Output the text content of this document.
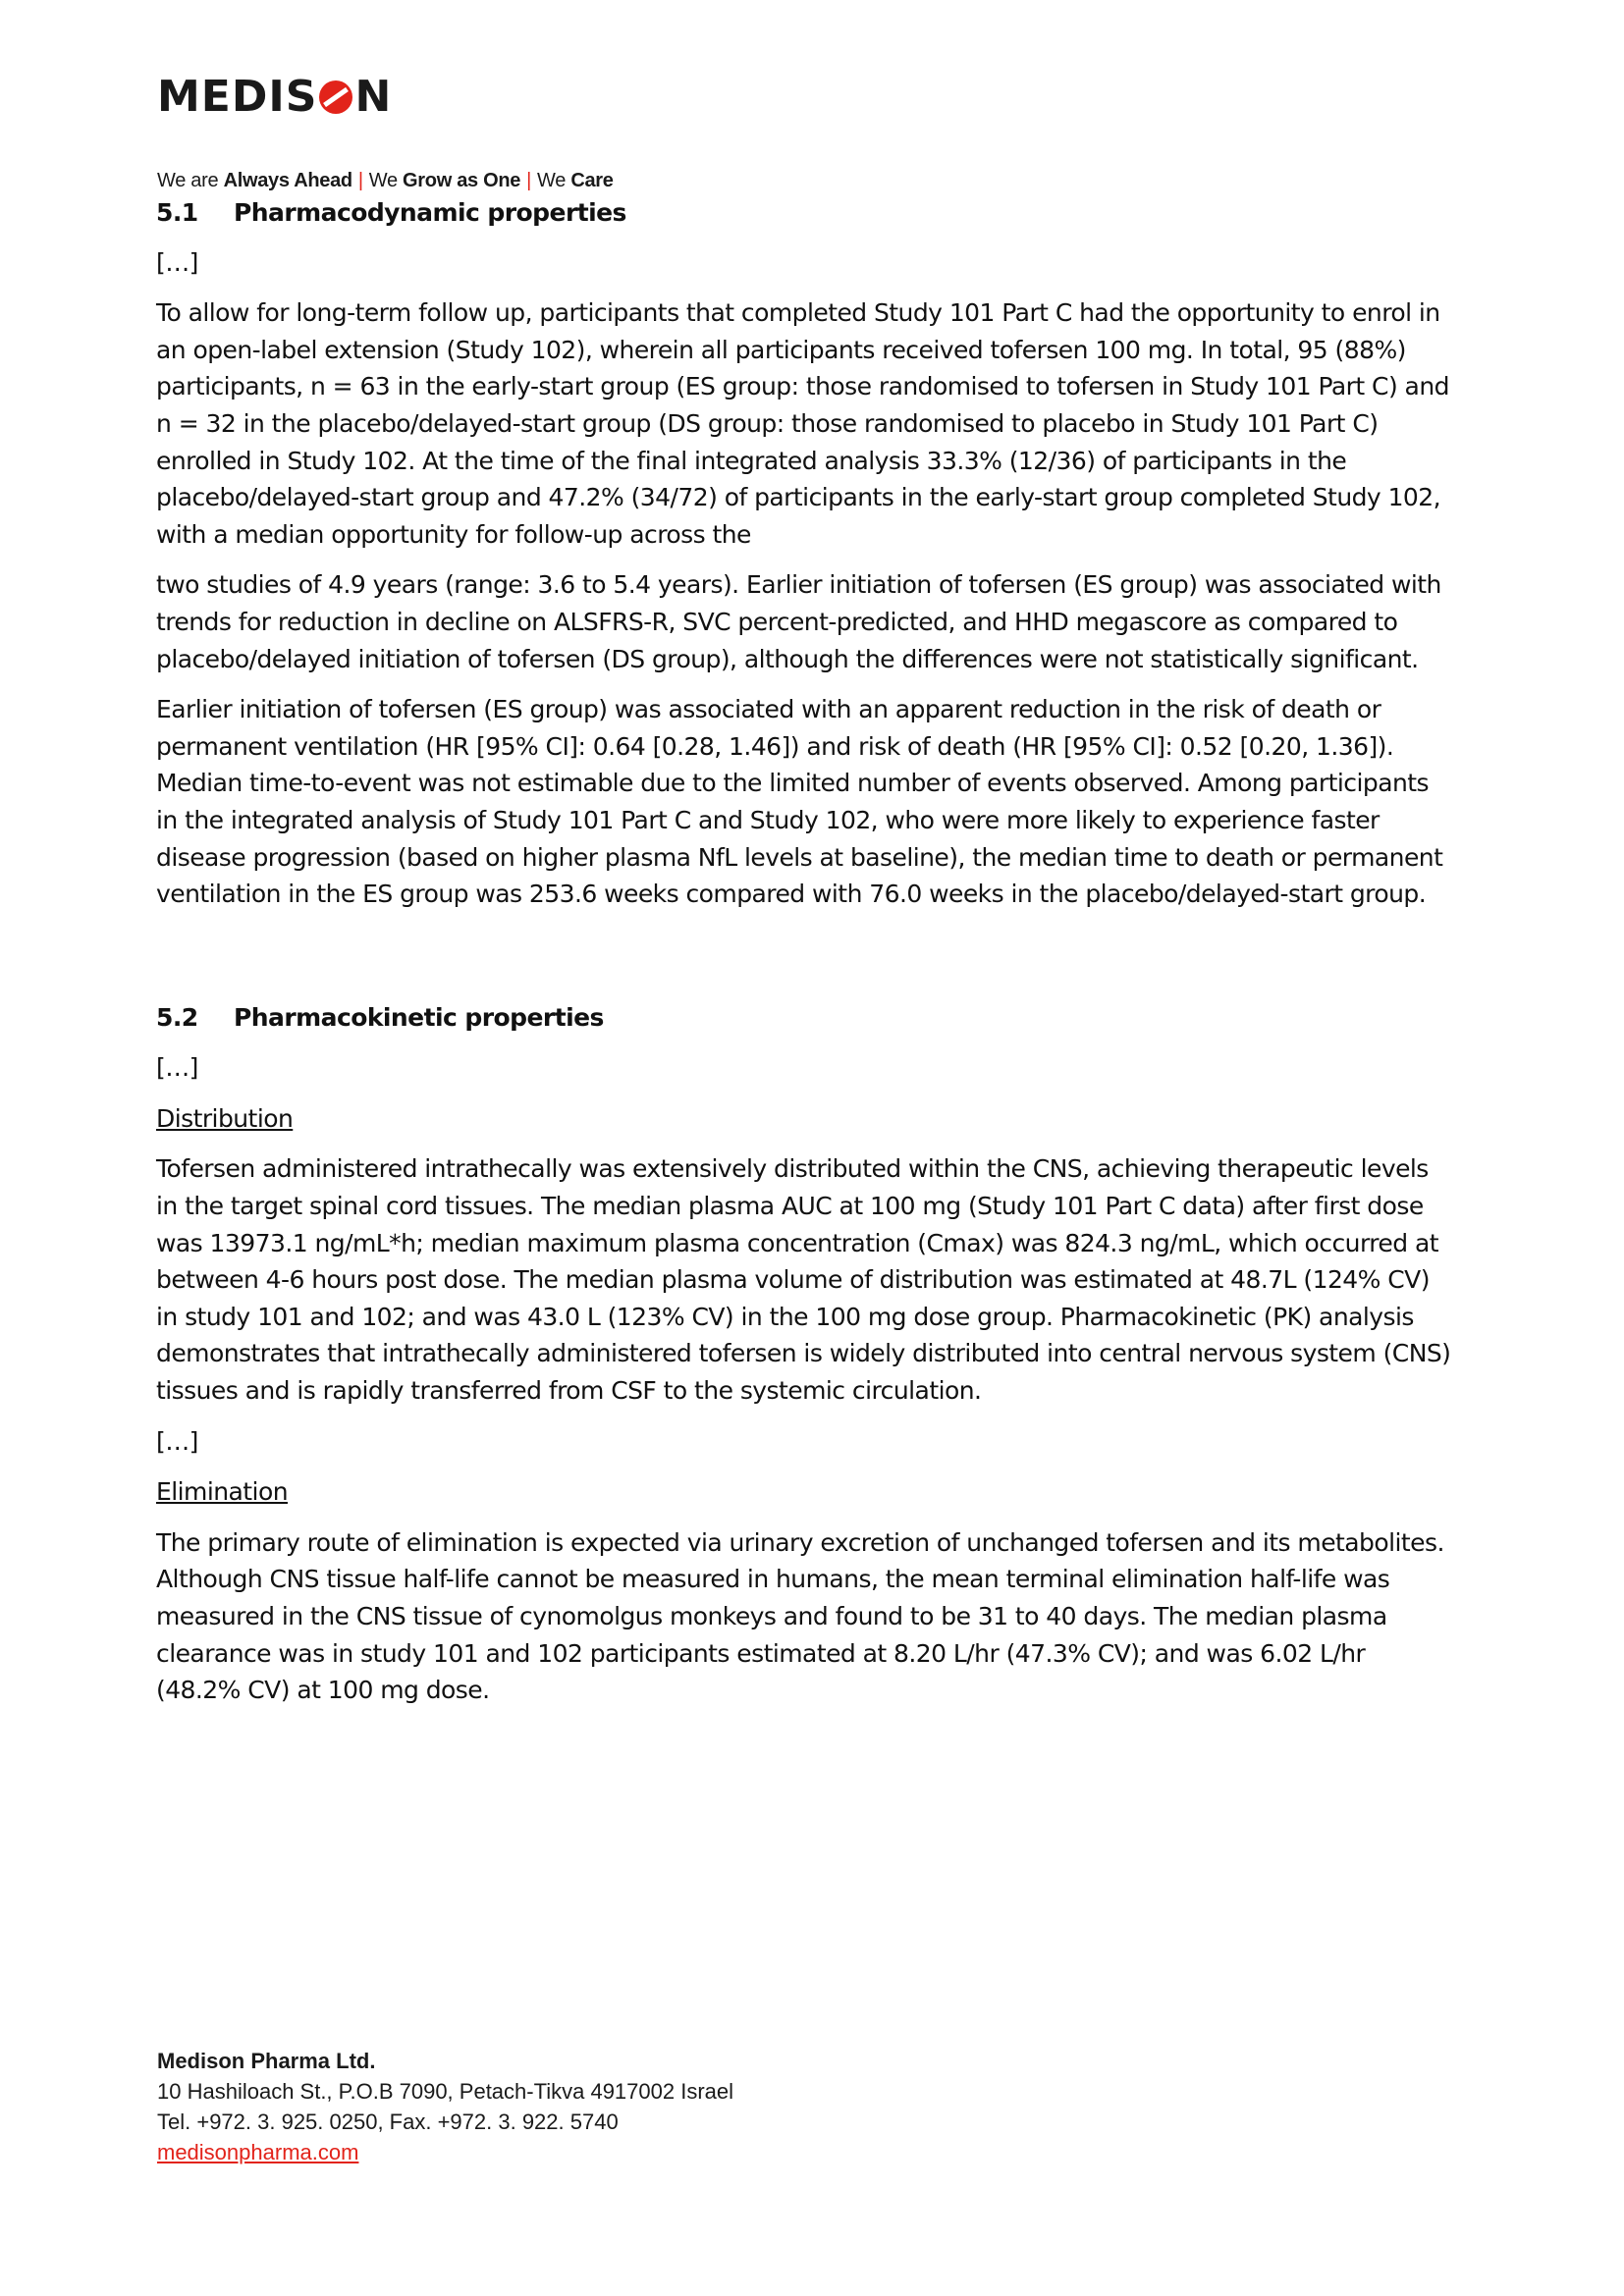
MEDIS N
We are Always Ahead | We Grow as One | We Care

5.1	Pharmacodynamic properties

[…]

To allow for long-term follow up, participants that completed Study 101 Part C had the opportunity to enrol in an open-label extension (Study 102), wherein all participants received tofersen 100 mg. In total, 95 (88%) participants, n = 63 in the early-start group (ES group: those randomised to tofersen in Study 101 Part C) and n = 32 in the placebo/delayed-start group (DS group: those randomised to placebo in Study 101 Part C) enrolled in Study 102. At the time of the final integrated analysis 33.3% (12/36) of participants in the placebo/delayed-start group and 47.2% (34/72) of participants in the early-start group completed Study 102, with a median opportunity for follow-up across the

two studies of 4.9 years (range: 3.6 to 5.4 years). Earlier initiation of tofersen (ES group) was associated with trends for reduction in decline on ALSFRS-R, SVC percent-predicted, and HHD megascore as compared to placebo/delayed initiation of tofersen (DS group), although the differences were not statistically significant.

Earlier initiation of tofersen (ES group) was associated with an apparent reduction in the risk of death or permanent ventilation (HR [95% CI]: 0.64 [0.28, 1.46]) and risk of death (HR [95% CI]: 0.52 [0.20, 1.36]). Median time-to-event was not estimable due to the limited number of events observed. Among participants in the integrated analysis of Study 101 Part C and Study 102, who were more likely to experience faster disease progression (based on higher plasma NfL levels at baseline), the median time to death or permanent ventilation in the ES group was 253.6 weeks compared with 76.0 weeks in the placebo/delayed-start group.

5.2	Pharmacokinetic properties

[…]

Distribution

Tofersen administered intrathecally was extensively distributed within the CNS, achieving therapeutic levels in the target spinal cord tissues. The median plasma AUC at 100 mg (Study 101 Part C data) after first dose was 13973.1 ng/mL*h; median maximum plasma concentration (Cmax) was 824.3 ng/mL, which occurred at between 4-6 hours post dose. The median plasma volume of distribution was estimated at 48.7L (124% CV) in study 101 and 102; and was 43.0 L (123% CV) in the 100 mg dose group. Pharmacokinetic (PK) analysis demonstrates that intrathecally administered tofersen is widely distributed into central nervous system (CNS) tissues and is rapidly transferred from CSF to the systemic circulation.

[…]

Elimination

The primary route of elimination is expected via urinary excretion of unchanged tofersen and its metabolites. Although CNS tissue half-life cannot be measured in humans, the mean terminal elimination half-life was measured in the CNS tissue of cynomolgus monkeys and found to be 31 to 40 days. The median plasma clearance was in study 101 and 102 participants estimated at 8.20 L/hr (47.3% CV); and was 6.02 L/hr (48.2% CV) at 100 mg dose.

Medison Pharma Ltd.
10 Hashiloach St., P.O.B 7090, Petach-Tikva 4917002 Israel
Tel. +972. 3. 925. 0250, Fax. +972. 3. 922. 5740
medisonpharma.com
